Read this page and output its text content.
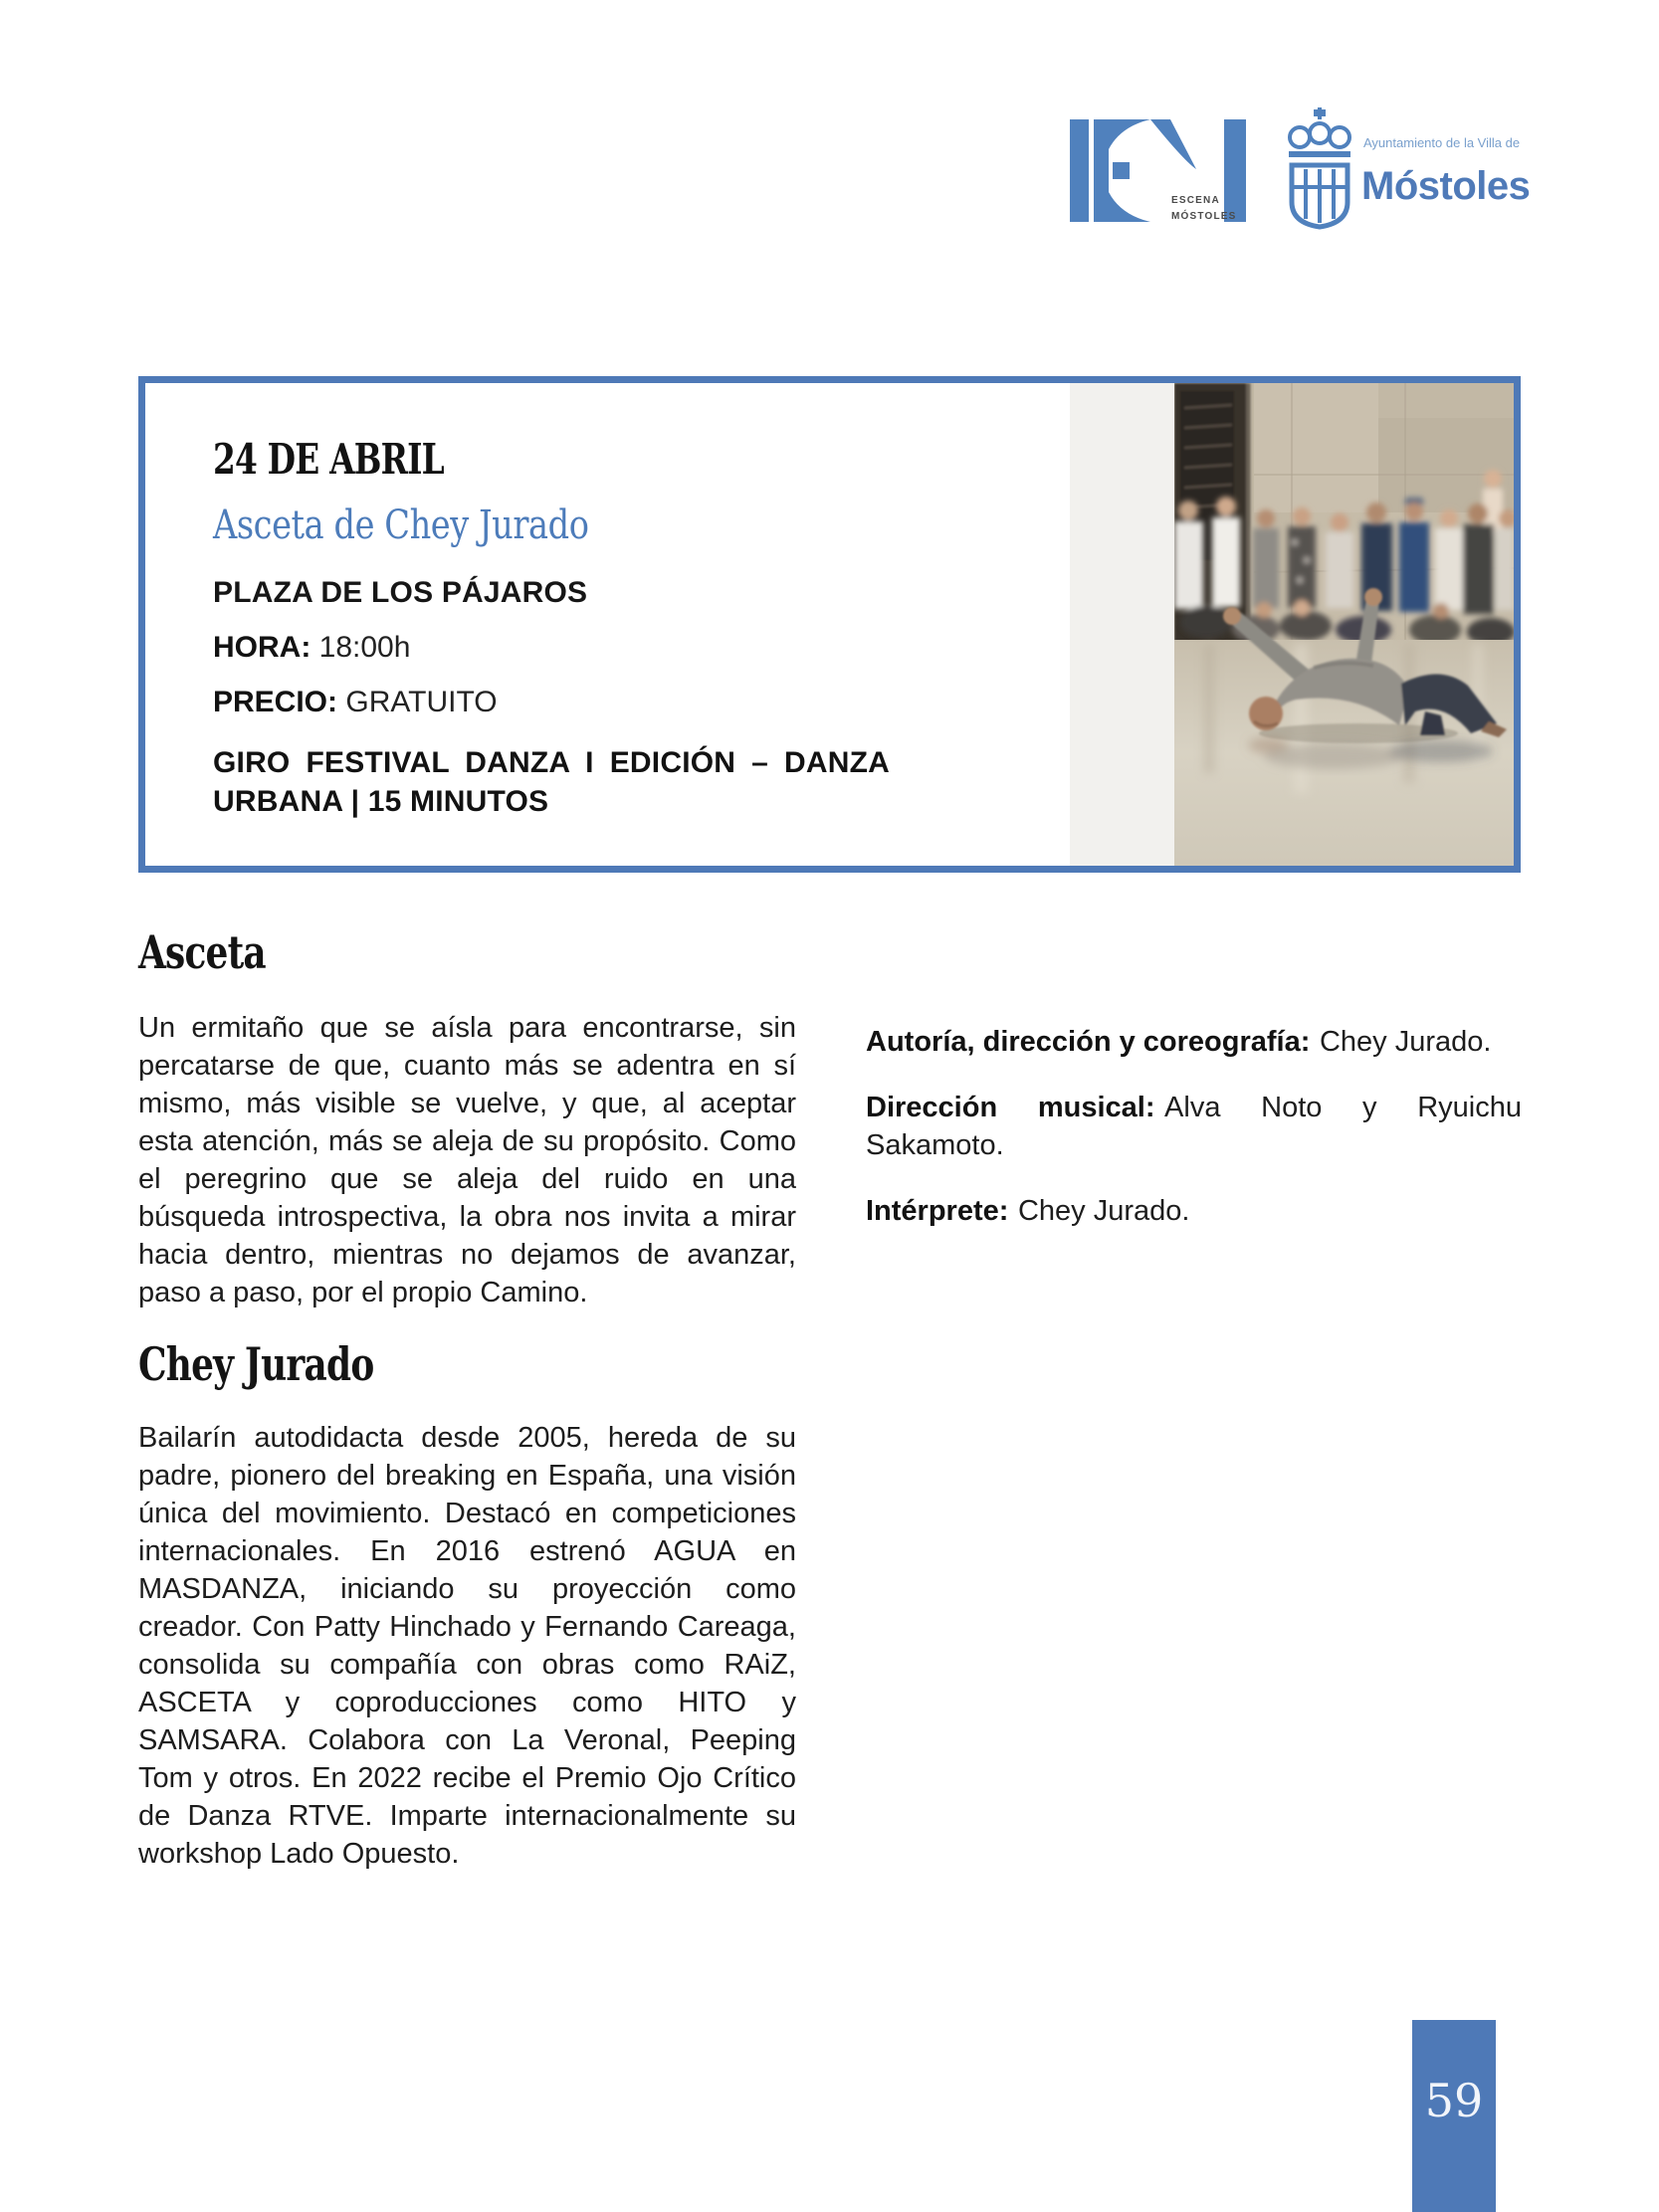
ESCENA
MÓSTOLES
Ayuntamiento de la Villa de
Móstoles
24 DE ABRIL
Asceta de Chey Jurado

PLAZA DE LOS PÁJAROS

HORA: 18:00h

PRECIO: GRATUITO

GIRO FESTIVAL DANZA I EDICIÓN – DANZA URBANA | 15 MINUTOS

Asceta

Un ermitaño que se aísla para encontrarse, sin percatarse de que, cuanto más se adentra en sí mismo, más visible se vuelve, y que, al aceptar esta atención, más se aleja de su propósito. Como el peregrino que se aleja del ruido en una búsqueda introspectiva, la obra nos invita a mirar hacia dentro, mientras no dejamos de avanzar, paso a paso, por el propio Camino.

Chey Jurado

Bailarín autodidacta desde 2005, hereda de su padre, pionero del breaking en España, una visión única del movimiento. Destacó en competiciones internacionales. En 2016 estrenó AGUA en MASDANZA, iniciando su proyección como creador. Con Patty Hinchado y Fernando Careaga, consolida su compañía con obras como RAiZ, ASCETA y coproducciones como HITO y SAMSARA. Colabora con La Veronal, Peeping Tom y otros. En 2022 recibe el Premio Ojo Crítico de Danza RTVE. Imparte internacionalmente su workshop Lado Opuesto.

Autoría, dirección y coreografía: Chey Jurado.

Dirección musical: Alva Noto y Ryuichu Sakamoto.

Intérprete: Chey Jurado.

59
